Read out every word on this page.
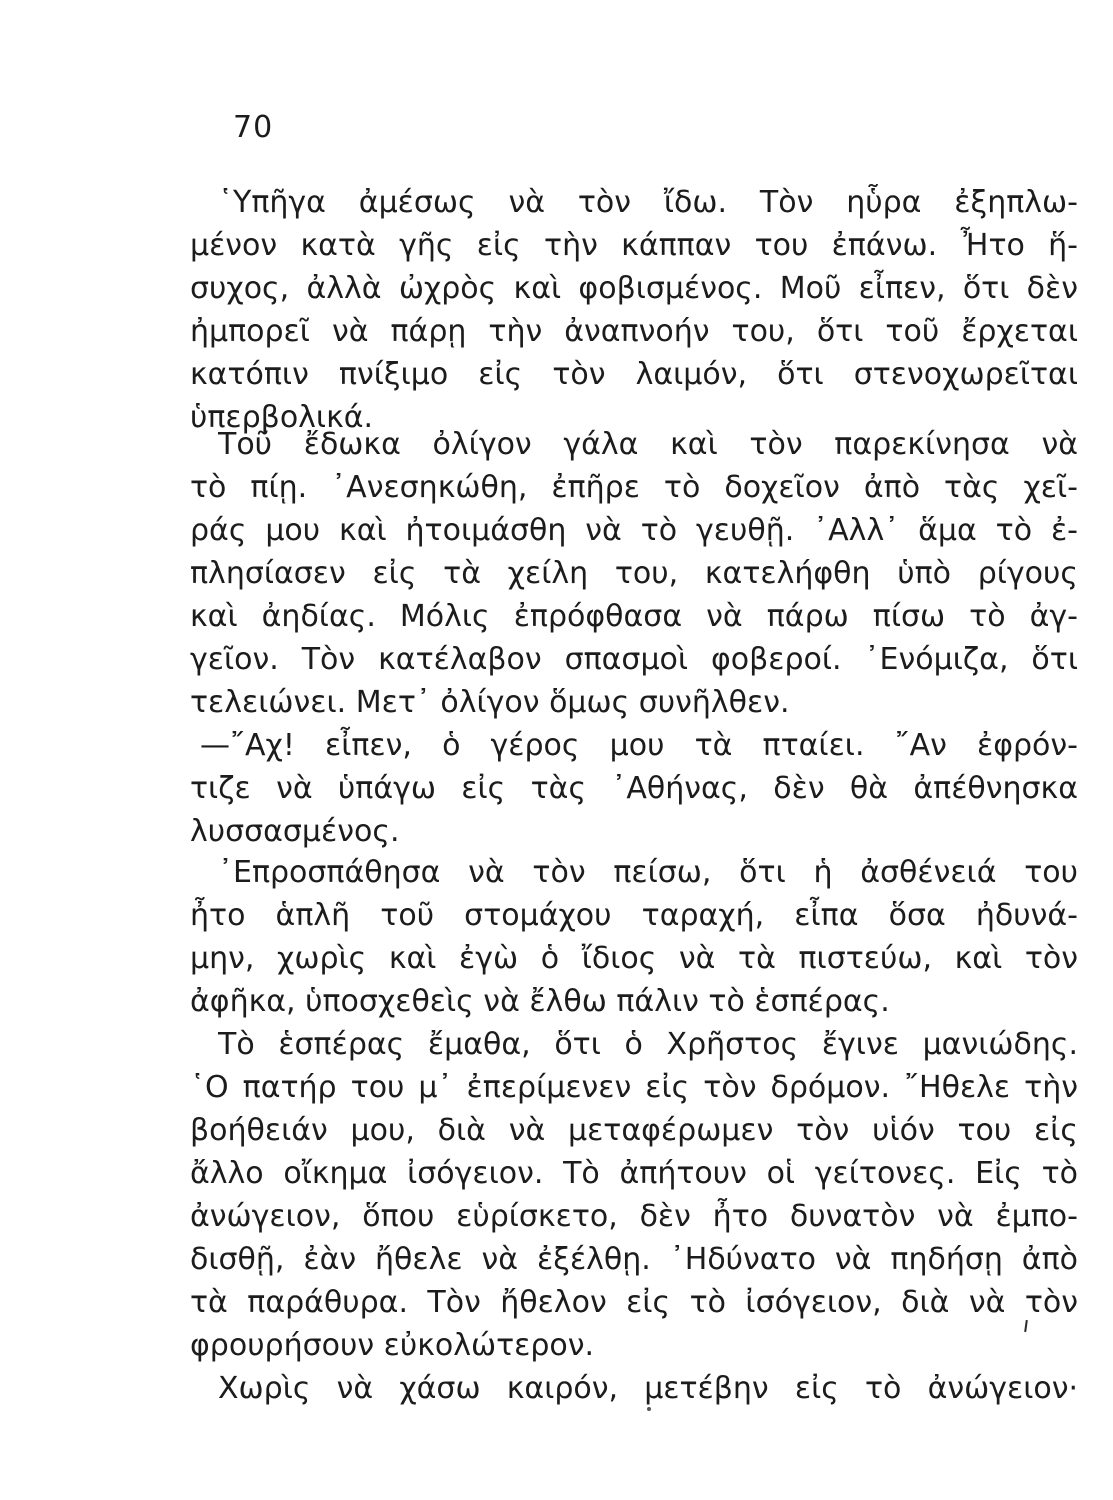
70
῾Υπῆγα ἀμέσως νὰ τὸν ἴδω. Τὸν ηὗρα ἐξηπλω-
μένον κατὰ γῆς εἰς τὴν κάππαν του ἐπάνω. Ἦτο ἥ-
συχος, ἀλλὰ ὠχρὸς καὶ φοβισμένος. Μοῦ εἶπεν, ὅτι δὲν
ἠμπορεῖ νὰ πάρῃ τὴν ἀναπνοήν του, ὅτι τοῦ ἔρχεται
κατόπιν πνίξιμο εἰς τὸν λαιμόν, ὅτι στενοχωρεῖται
ὑπερβολικά.
Τοῦ ἔδωκα ὀλίγον γάλα καὶ τὸν παρεκίνησα νὰ
τὸ πίῃ. ᾿Ανεσηκώθη, ἐπῆρε τὸ δοχεῖον ἀπὸ τὰς χεῖ-
ράς μου καὶ ἠτοιμάσθη νὰ τὸ γευθῇ. ᾿Αλλ᾿ ἅμα τὸ ἐ-
πλησίασεν εἰς τὰ χείλη του, κατελήφθη ὑπὸ ρίγους
καὶ ἀηδίας. Μόλις ἐπρόφθασα νὰ πάρω πίσω τὸ ἀγ-
γεῖον. Τὸν κατέλαβον σπασμοὶ φοβεροί. ᾿Ενόμιζα, ὅτι
τελειώνει. Μετ᾿ ὀλίγον ὅμως συνῆλθεν.
—῎Αχ! εἶπεν, ὁ γέρος μου τὰ πταίει. ῎Αν ἐφρόν-
τιζε νὰ ὑπάγω εἰς τὰς ᾿Αθήνας, δὲν θὰ ἀπέθνησκα
λυσσασμένος.
᾿Επροσπάθησα νὰ τὸν πείσω, ὅτι ἡ ἀσθένειά του
ἦτο ἁπλῆ τοῦ στομάχου ταραχή, εἶπα ὅσα ἠδυνά-
μην, χωρὶς καὶ ἐγὼ ὁ ἴδιος νὰ τὰ πιστεύω, καὶ τὸν
ἀφῆκα, ὑποσχεθεὶς νὰ ἔλθω πάλιν τὸ ἑσπέρας.
Τὸ ἑσπέρας ἔμαθα, ὅτι ὁ Χρῆστος ἔγινε μανιώδης.
῾Ο πατήρ του μ᾿ ἐπερίμενεν εἰς τὸν δρόμον. ῎Ηθελε τὴν
βοήθειάν μου, διὰ νὰ μεταφέρωμεν τὸν υἱόν του εἰς
ἄλλο οἴκημα ἰσόγειον. Τὸ ἀπήτουν οἱ γείτονες. Εἰς τὸ
ἀνώγειον, ὅπου εὑρίσκετο, δὲν ἦτο δυνατὸν νὰ ἐμπο-
δισθῇ, ἐὰν ἤθελε νὰ ἐξέλθῃ. ᾿Ηδύνατο νὰ πηδήσῃ ἀπὸ
τὰ παράθυρα. Τὸν ἤθελον εἰς τὸ ἰσόγειον, διὰ νὰ τὸν
φρουρήσουν εὐκολώτερον.
Χωρὶς νὰ χάσω καιρόν, μετέβην εἰς τὸ ἀνώγειον·
